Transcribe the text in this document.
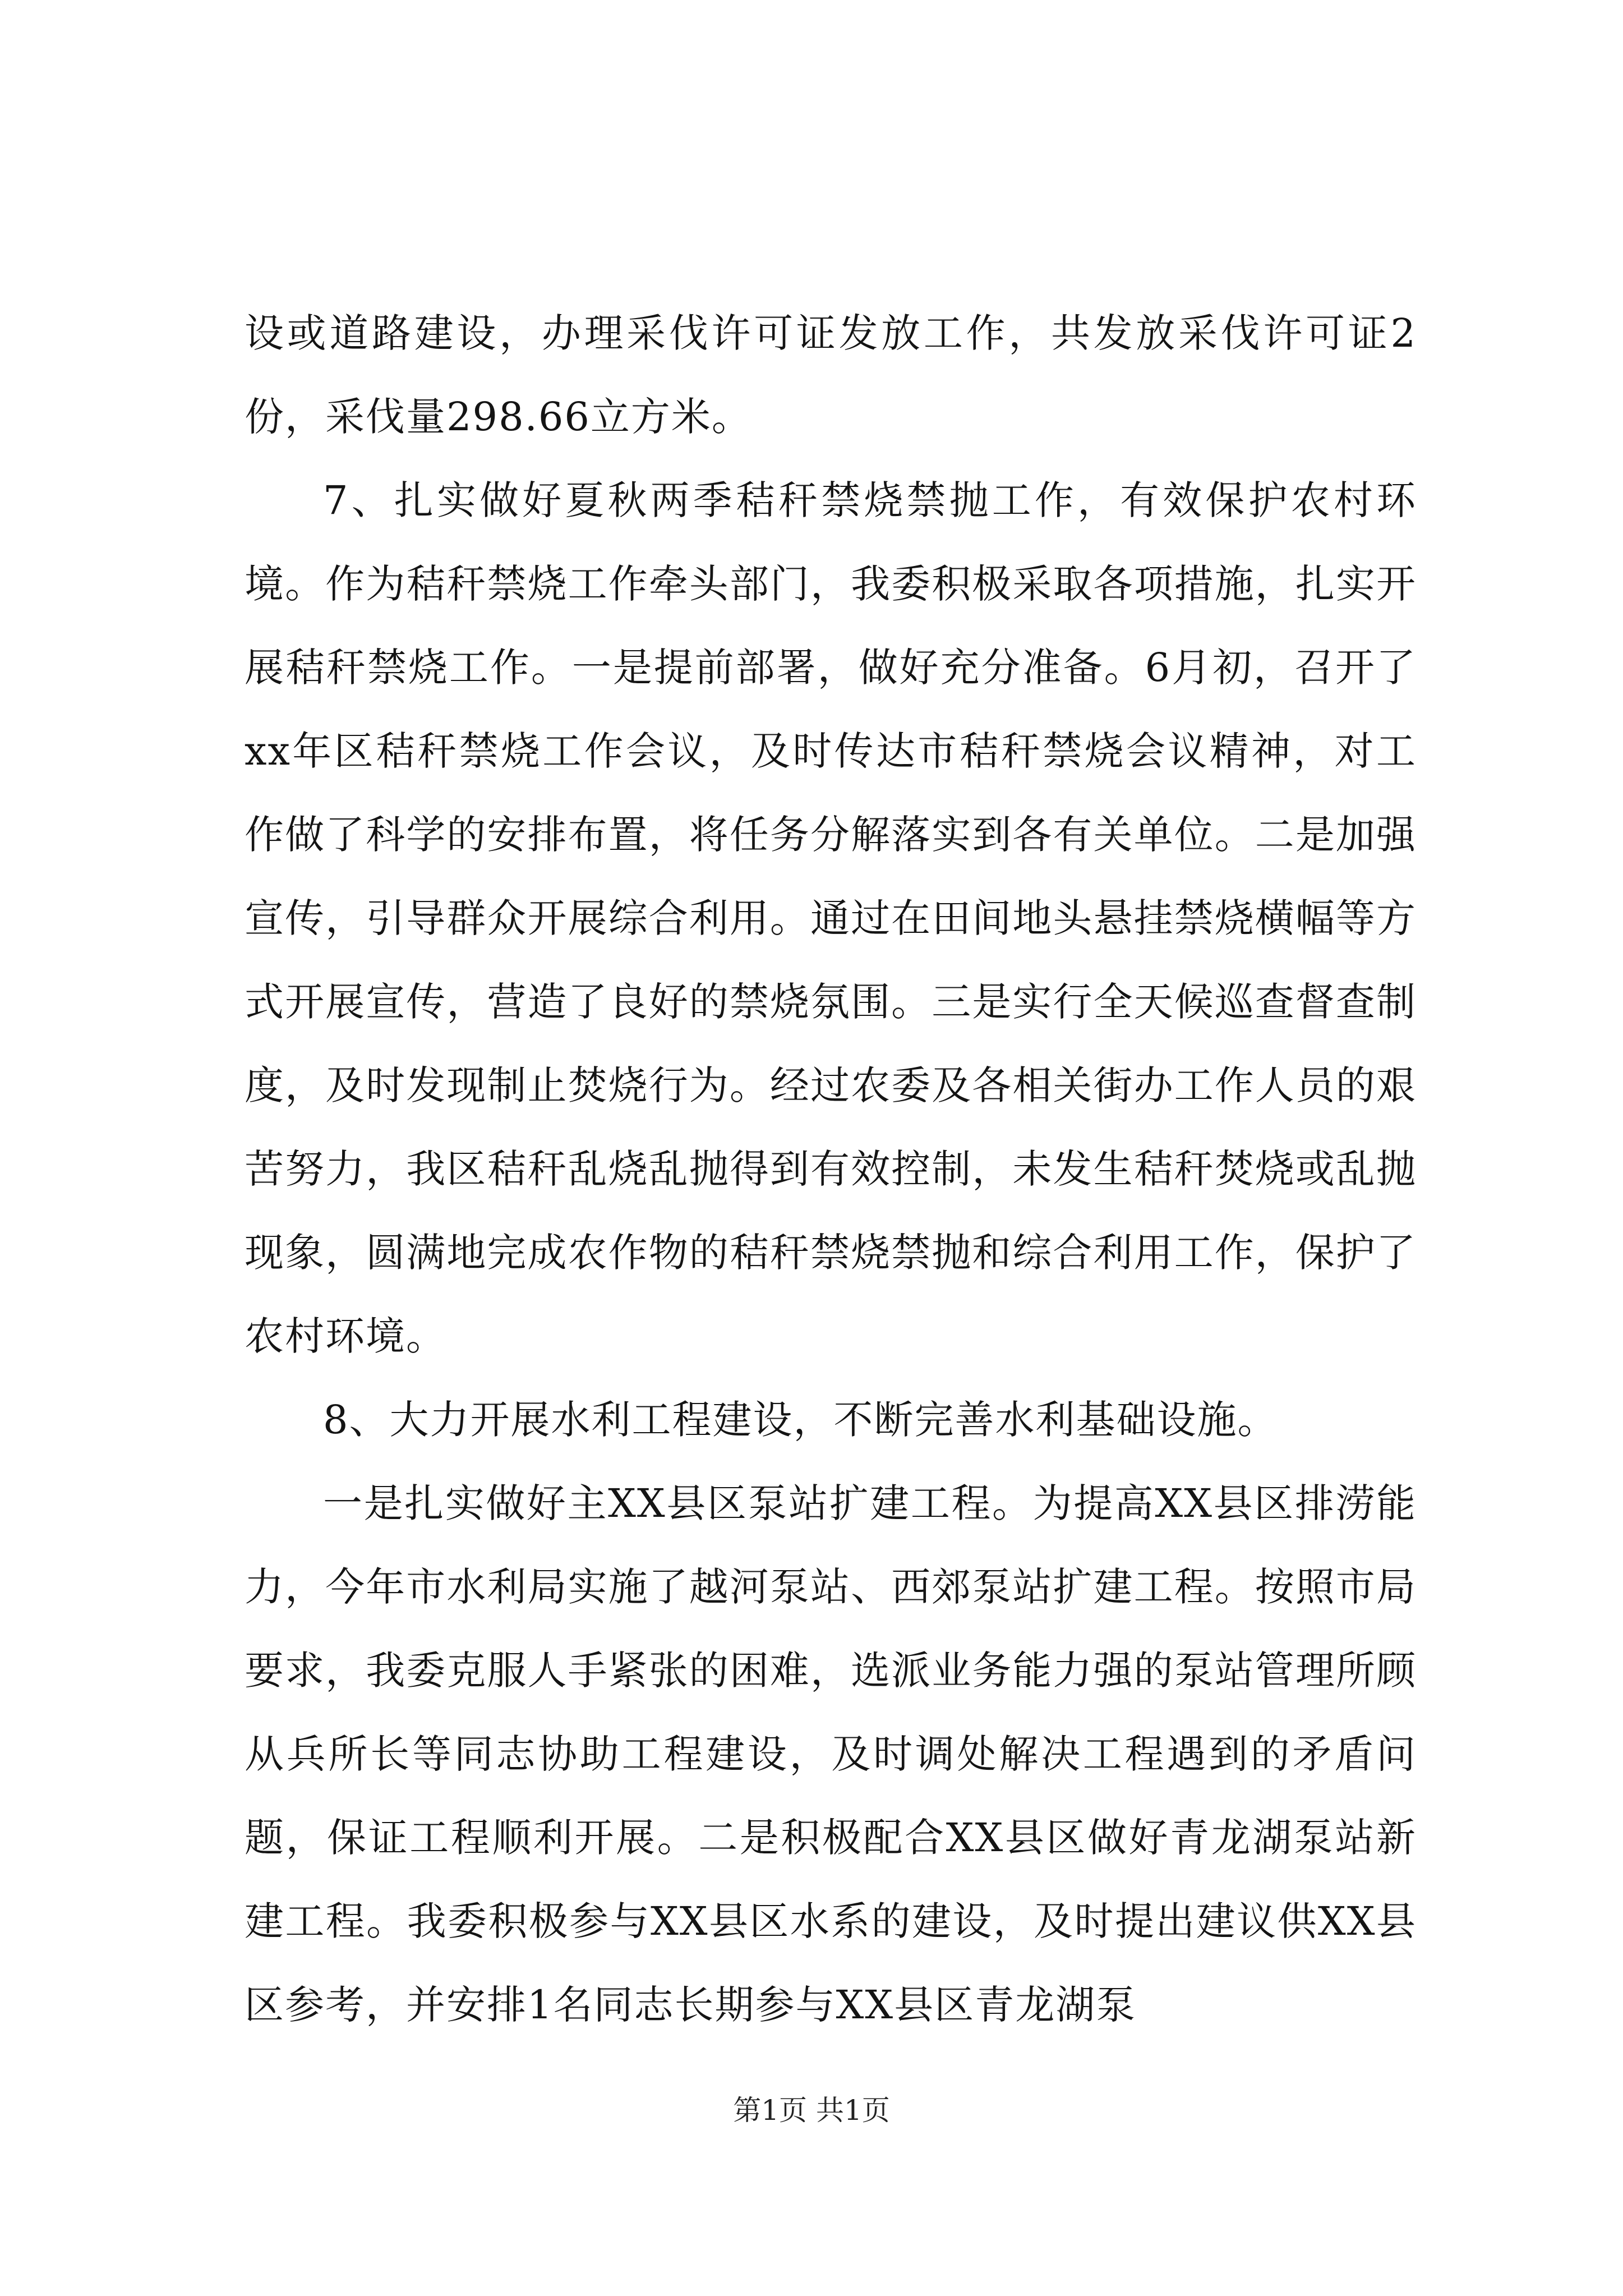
设或道路建设，办理采伐许可证发放工作，共发放采伐许可证2份，采伐量298.66立方米。

7、扎实做好夏秋两季秸秆禁烧禁抛工作，有效保护农村环境。作为秸秆禁烧工作牵头部门，我委积极采取各项措施，扎实开展秸秆禁烧工作。一是提前部署，做好充分准备。6月初，召开了xx年区秸秆禁烧工作会议，及时传达市秸秆禁烧会议精神，对工作做了科学的安排布置，将任务分解落实到各有关单位。二是加强宣传，引导群众开展综合利用。通过在田间地头悬挂禁烧横幅等方式开展宣传，营造了良好的禁烧氛围。三是实行全天候巡查督查制度，及时发现制止焚烧行为。经过农委及各相关街办工作人员的艰苦努力，我区秸秆乱烧乱抛得到有效控制，未发生秸秆焚烧或乱抛现象，圆满地完成农作物的秸秆禁烧禁抛和综合利用工作，保护了农村环境。

8、大力开展水利工程建设，不断完善水利基础设施。

一是扎实做好主XX县区泵站扩建工程。为提高XX县区排涝能力，今年市水利局实施了越河泵站、西郊泵站扩建工程。按照市局要求，我委克服人手紧张的困难，选派业务能力强的泵站管理所顾从兵所长等同志协助工程建设，及时调处解决工程遇到的矛盾问题，保证工程顺利开展。二是积极配合XX县区做好青龙湖泵站新建工程。我委积极参与XX县区水系的建设，及时提出建议供XX县区参考，并安排1名同志长期参与XX县区青龙湖泵

第1页 共1页
